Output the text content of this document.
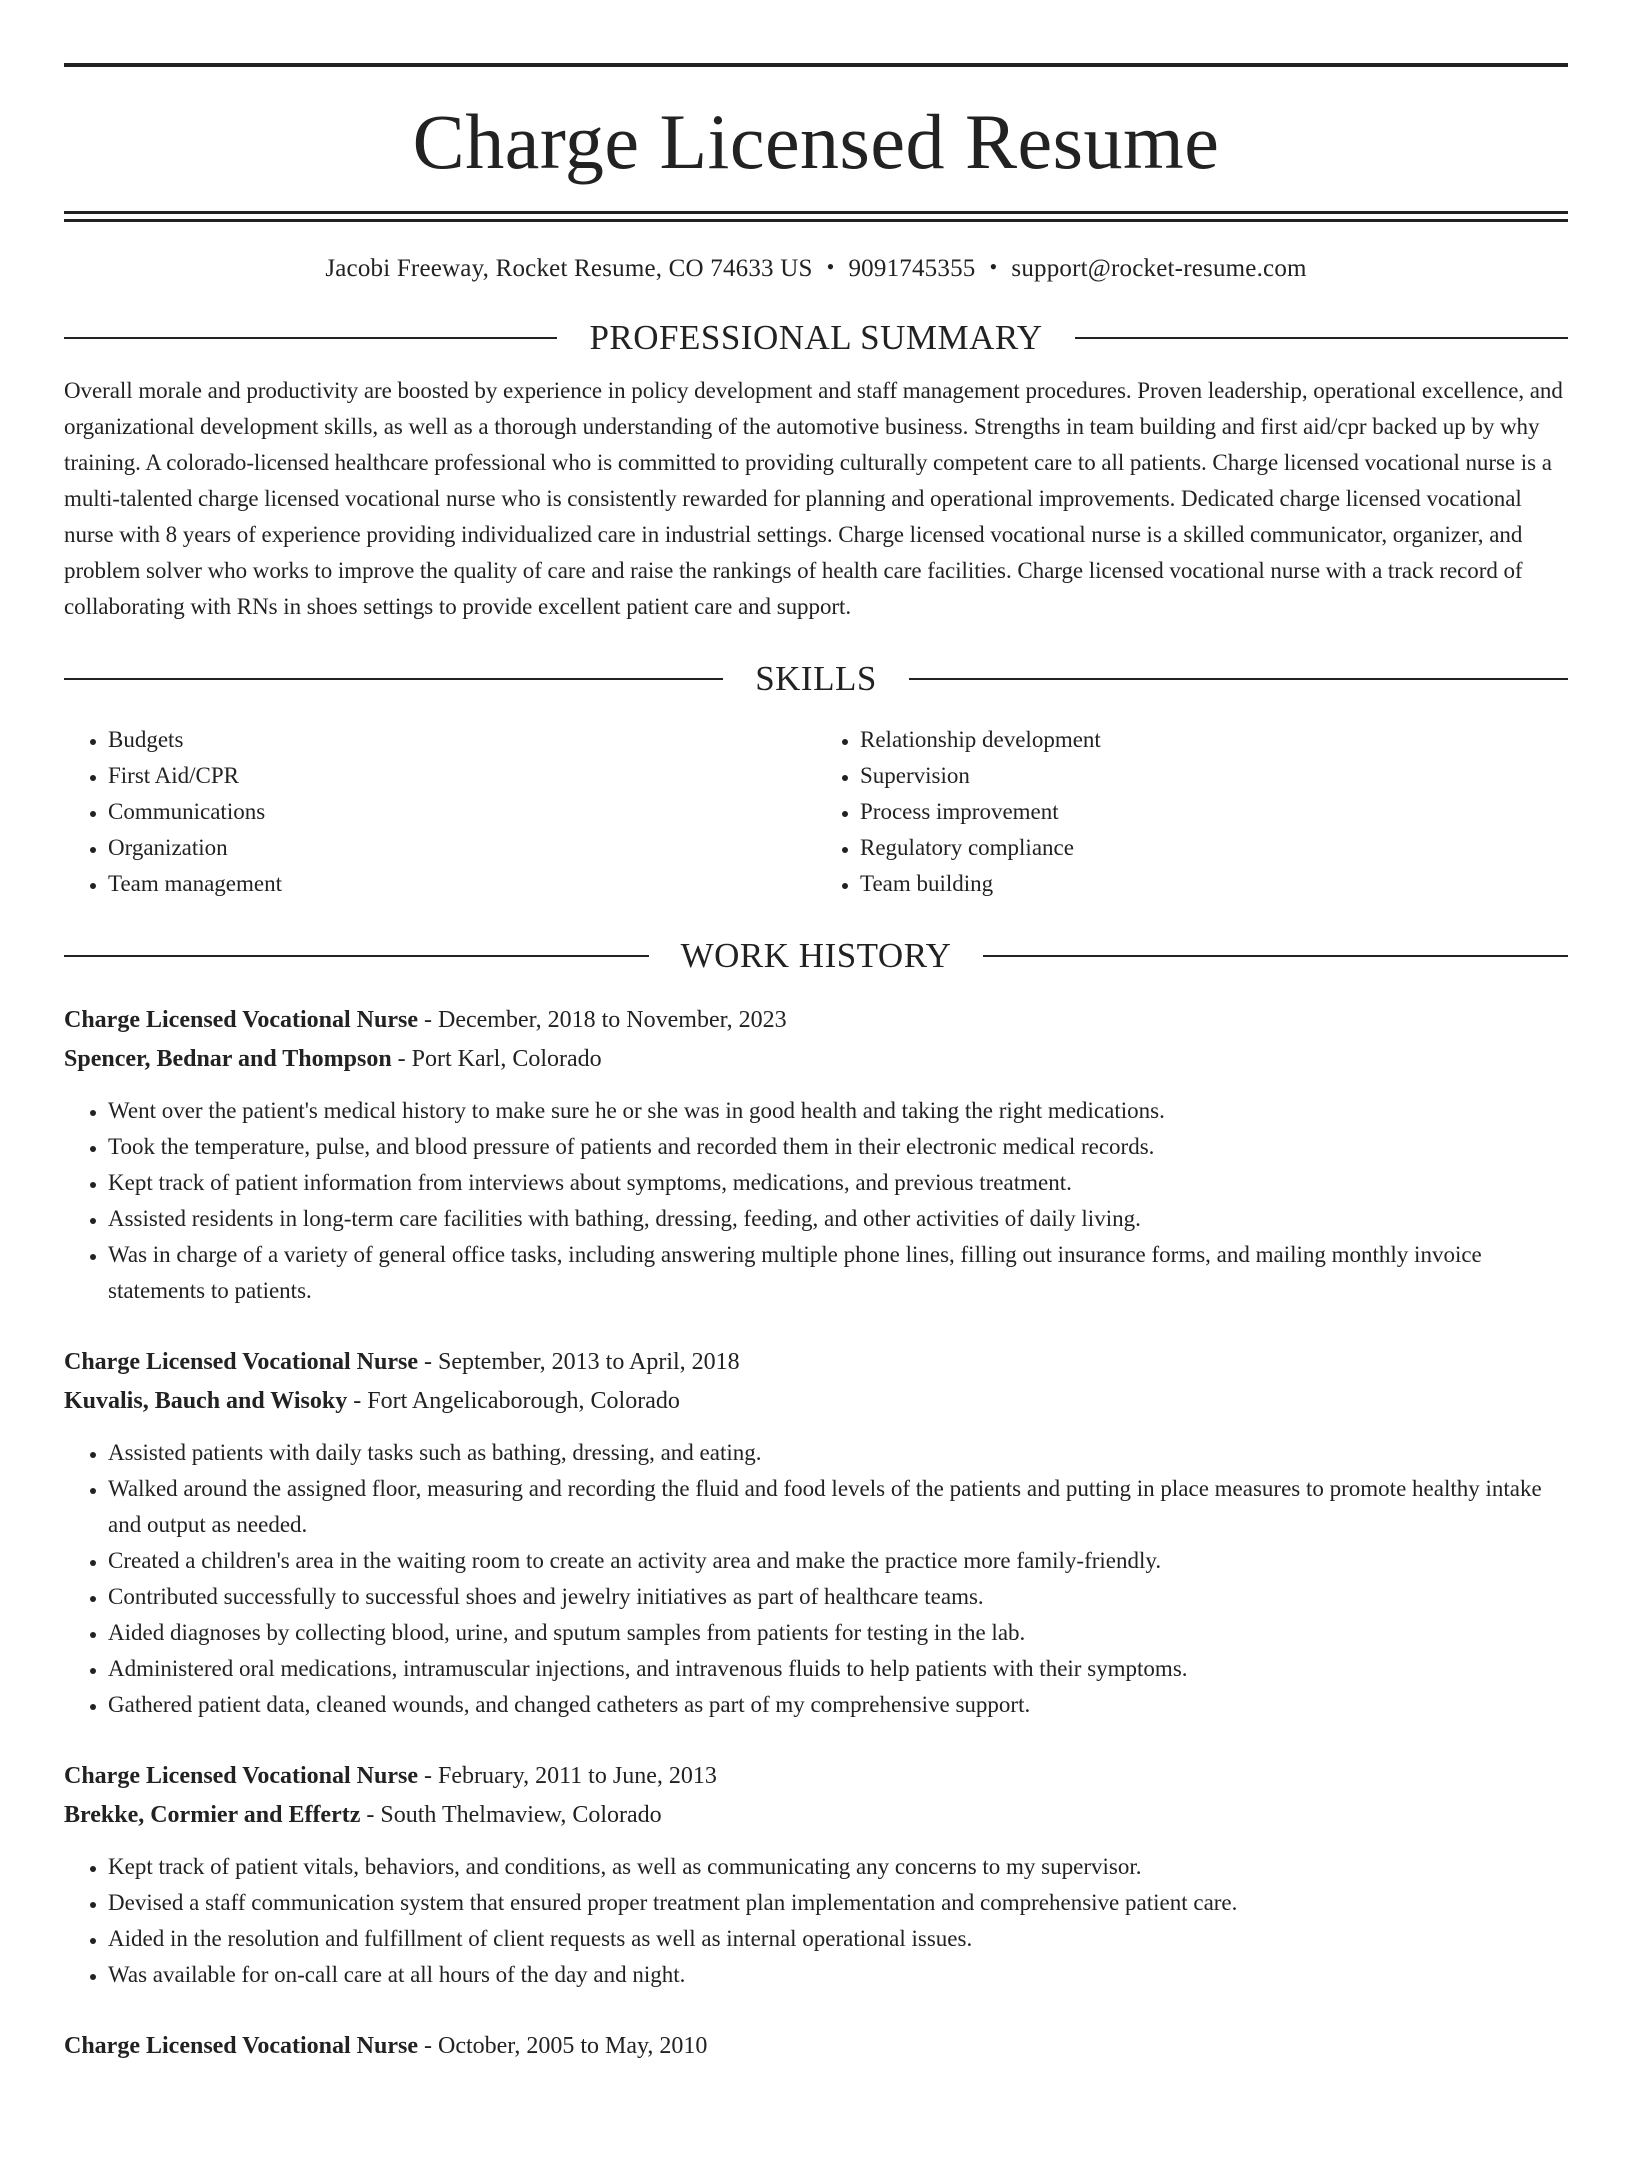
Charge Licensed Resume
Jacobi Freeway, Rocket Resume, CO 74633 US • 9091745355 • support@rocket-resume.com
PROFESSIONAL SUMMARY
Overall morale and productivity are boosted by experience in policy development and staff management procedures. Proven leadership, operational excellence, and organizational development skills, as well as a thorough understanding of the automotive business. Strengths in team building and first aid/cpr backed up by why training. A colorado-licensed healthcare professional who is committed to providing culturally competent care to all patients. Charge licensed vocational nurse is a multi-talented charge licensed vocational nurse who is consistently rewarded for planning and operational improvements. Dedicated charge licensed vocational nurse with 8 years of experience providing individualized care in industrial settings. Charge licensed vocational nurse is a skilled communicator, organizer, and problem solver who works to improve the quality of care and raise the rankings of health care facilities. Charge licensed vocational nurse with a track record of collaborating with RNs in shoes settings to provide excellent patient care and support.
SKILLS
• Budgets
• First Aid/CPR
• Communications
• Organization
• Team management
• Relationship development
• Supervision
• Process improvement
• Regulatory compliance
• Team building
WORK HISTORY
Charge Licensed Vocational Nurse - December, 2018 to November, 2023
Spencer, Bednar and Thompson - Port Karl, Colorado
• Went over the patient's medical history to make sure he or she was in good health and taking the right medications.
• Took the temperature, pulse, and blood pressure of patients and recorded them in their electronic medical records.
• Kept track of patient information from interviews about symptoms, medications, and previous treatment.
• Assisted residents in long-term care facilities with bathing, dressing, feeding, and other activities of daily living.
• Was in charge of a variety of general office tasks, including answering multiple phone lines, filling out insurance forms, and mailing monthly invoice statements to patients.
Charge Licensed Vocational Nurse - September, 2013 to April, 2018
Kuvalis, Bauch and Wisoky - Fort Angelicaborough, Colorado
• Assisted patients with daily tasks such as bathing, dressing, and eating.
• Walked around the assigned floor, measuring and recording the fluid and food levels of the patients and putting in place measures to promote healthy intake and output as needed.
• Created a children's area in the waiting room to create an activity area and make the practice more family-friendly.
• Contributed successfully to successful shoes and jewelry initiatives as part of healthcare teams.
• Aided diagnoses by collecting blood, urine, and sputum samples from patients for testing in the lab.
• Administered oral medications, intramuscular injections, and intravenous fluids to help patients with their symptoms.
• Gathered patient data, cleaned wounds, and changed catheters as part of my comprehensive support.
Charge Licensed Vocational Nurse - February, 2011 to June, 2013
Brekke, Cormier and Effertz - South Thelmaview, Colorado
• Kept track of patient vitals, behaviors, and conditions, as well as communicating any concerns to my supervisor.
• Devised a staff communication system that ensured proper treatment plan implementation and comprehensive patient care.
• Aided in the resolution and fulfillment of client requests as well as internal operational issues.
• Was available for on-call care at all hours of the day and night.
Charge Licensed Vocational Nurse - October, 2005 to May, 2010
